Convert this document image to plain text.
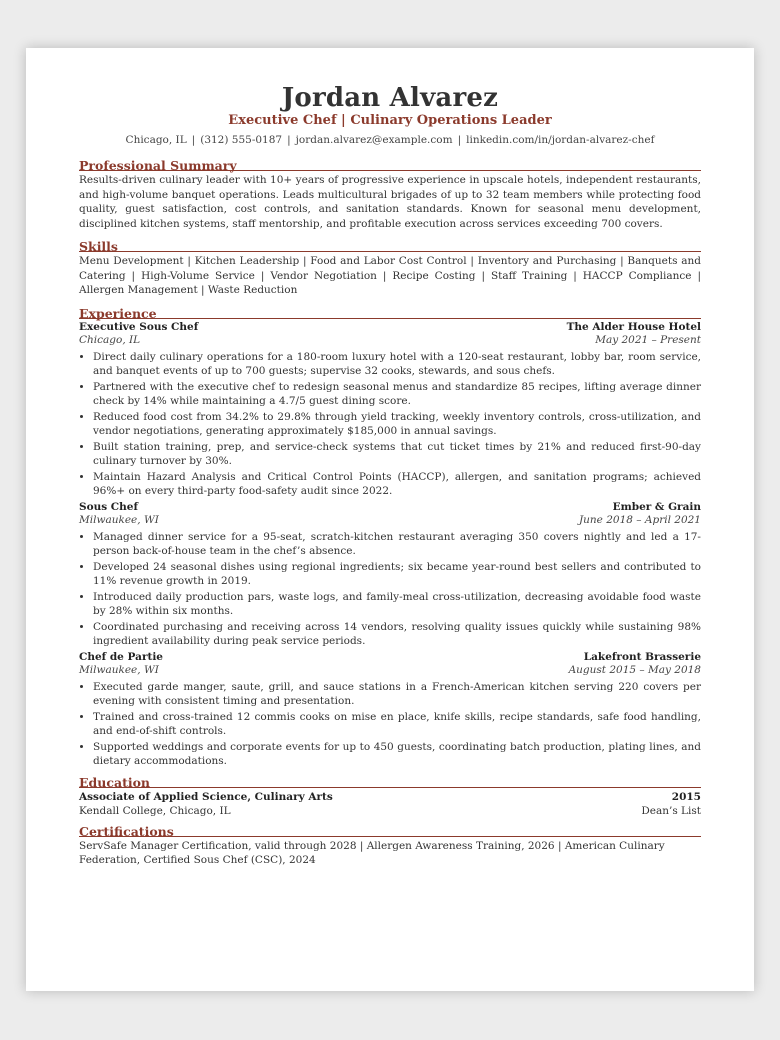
Jordan Alvarez
Executive Chef | Culinary Operations Leader
Chicago, IL | (312) 555-0187 | jordan.alvarez@example.com | linkedin.com/in/jordan-alvarez-chef
Professional Summary
Results-driven culinary leader with 10+ years of progressive experience in upscale hotels, independent restaurants, and high-volume banquet operations. Leads multicultural brigades of up to 32 team members while protecting food quality, guest satisfaction, cost controls, and sanitation standards. Known for seasonal menu development, disciplined kitchen systems, staff mentorship, and profitable execution across services exceeding 700 covers.
Skills
Menu Development | Kitchen Leadership | Food and Labor Cost Control | Inventory and Purchasing | Banquets and Catering | High-Volume Service | Vendor Negotiation | Recipe Costing | Staff Training | HACCP Compliance | Allergen Management | Waste Reduction
Experience
Executive Sous Chef	The Alder House Hotel
Chicago, IL	May 2021 – Present
• Direct daily culinary operations for a 180-room luxury hotel with a 120-seat restaurant, lobby bar, room service, and banquet events of up to 700 guests; supervise 32 cooks, stewards, and sous chefs.
• Partnered with the executive chef to redesign seasonal menus and standardize 85 recipes, lifting average dinner check by 14% while maintaining a 4.7/5 guest dining score.
• Reduced food cost from 34.2% to 29.8% through yield tracking, weekly inventory controls, cross-utilization, and vendor negotiations, generating approximately $185,000 in annual savings.
• Built station training, prep, and service-check systems that cut ticket times by 21% and reduced first-90-day culinary turnover by 30%.
• Maintain Hazard Analysis and Critical Control Points (HACCP), allergen, and sanitation programs; achieved 96%+ on every third-party food-safety audit since 2022.
Sous Chef	Ember & Grain
Milwaukee, WI	June 2018 – April 2021
• Managed dinner service for a 95-seat, scratch-kitchen restaurant averaging 350 covers nightly and led a 17-person back-of-house team in the chef’s absence.
• Developed 24 seasonal dishes using regional ingredients; six became year-round best sellers and contributed to 11% revenue growth in 2019.
• Introduced daily production pars, waste logs, and family-meal cross-utilization, decreasing avoidable food waste by 28% within six months.
• Coordinated purchasing and receiving across 14 vendors, resolving quality issues quickly while sustaining 98% ingredient availability during peak service periods.
Chef de Partie	Lakefront Brasserie
Milwaukee, WI	August 2015 – May 2018
• Executed garde manger, saute, grill, and sauce stations in a French-American kitchen serving 220 covers per evening with consistent timing and presentation.
• Trained and cross-trained 12 commis cooks on mise en place, knife skills, recipe standards, safe food handling, and end-of-shift controls.
• Supported weddings and corporate events for up to 450 guests, coordinating batch production, plating lines, and dietary accommodations.
Education
Associate of Applied Science, Culinary Arts	2015
Kendall College, Chicago, IL	Dean’s List
Certifications
ServSafe Manager Certification, valid through 2028 | Allergen Awareness Training, 2026 | American Culinary Federation, Certified Sous Chef (CSC), 2024
